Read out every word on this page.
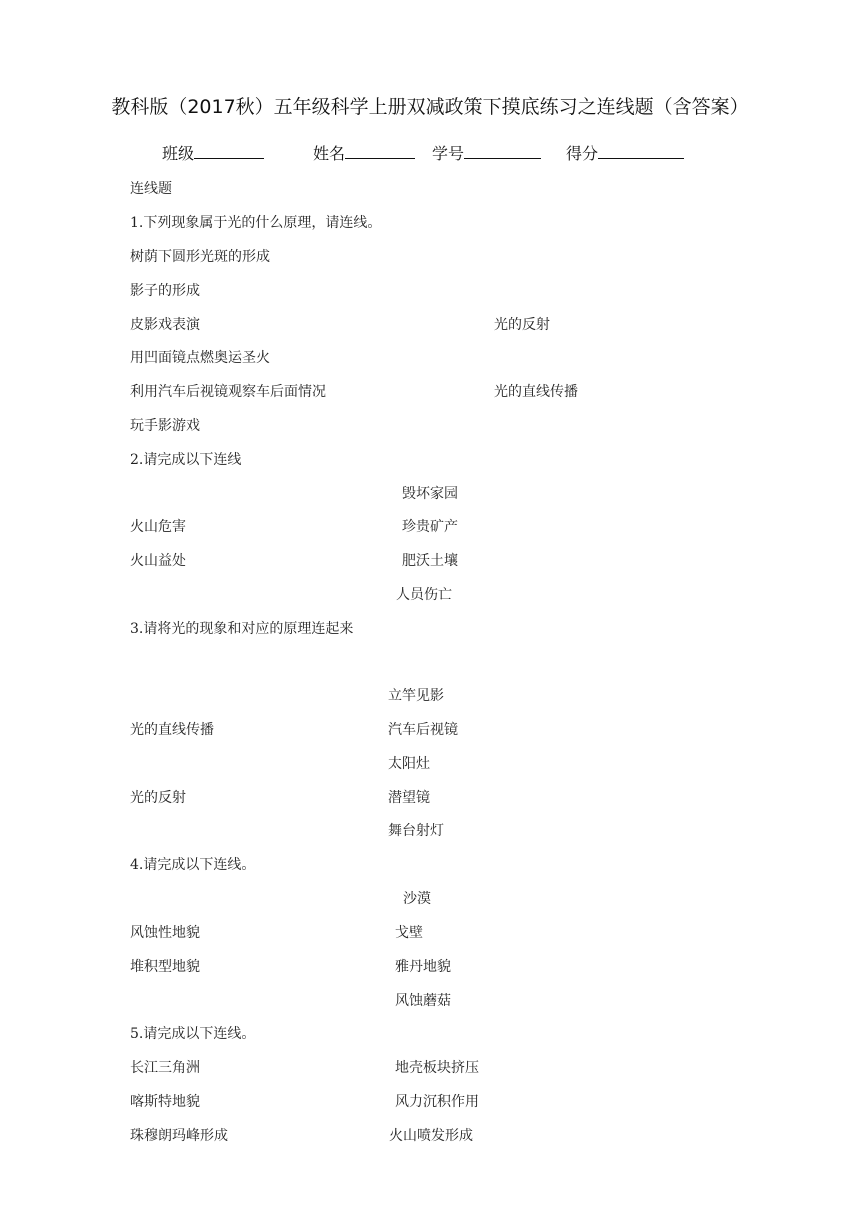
教科版（2017秋）五年级科学上册双减政策下摸底练习之连线题（含答案）
班级	姓名	学号	得分
连线题
1.下列现象属于光的什么原理，请连线。
树荫下圆形光斑的形成
影子的形成
皮影戏表演
用凹面镜点燃奥运圣火
利用汽车后视镜观察车后面情况
玩手影游戏
光的反射
光的直线传播
2.请完成以下连线
毁坏家园
火山危害	珍贵矿产
火山益处	肥沃土壤
人员伤亡
3.请将光的现象和对应的原理连起来
立竿见影
光的直线传播	汽车后视镜
太阳灶
光的反射	潜望镜
舞台射灯
4.请完成以下连线。
沙漠
风蚀性地貌	戈壁
堆积型地貌	雅丹地貌
风蚀蘑菇
5.请完成以下连线。
长江三角洲	地壳板块挤压
喀斯特地貌	风力沉积作用
珠穆朗玛峰形成	火山喷发形成
